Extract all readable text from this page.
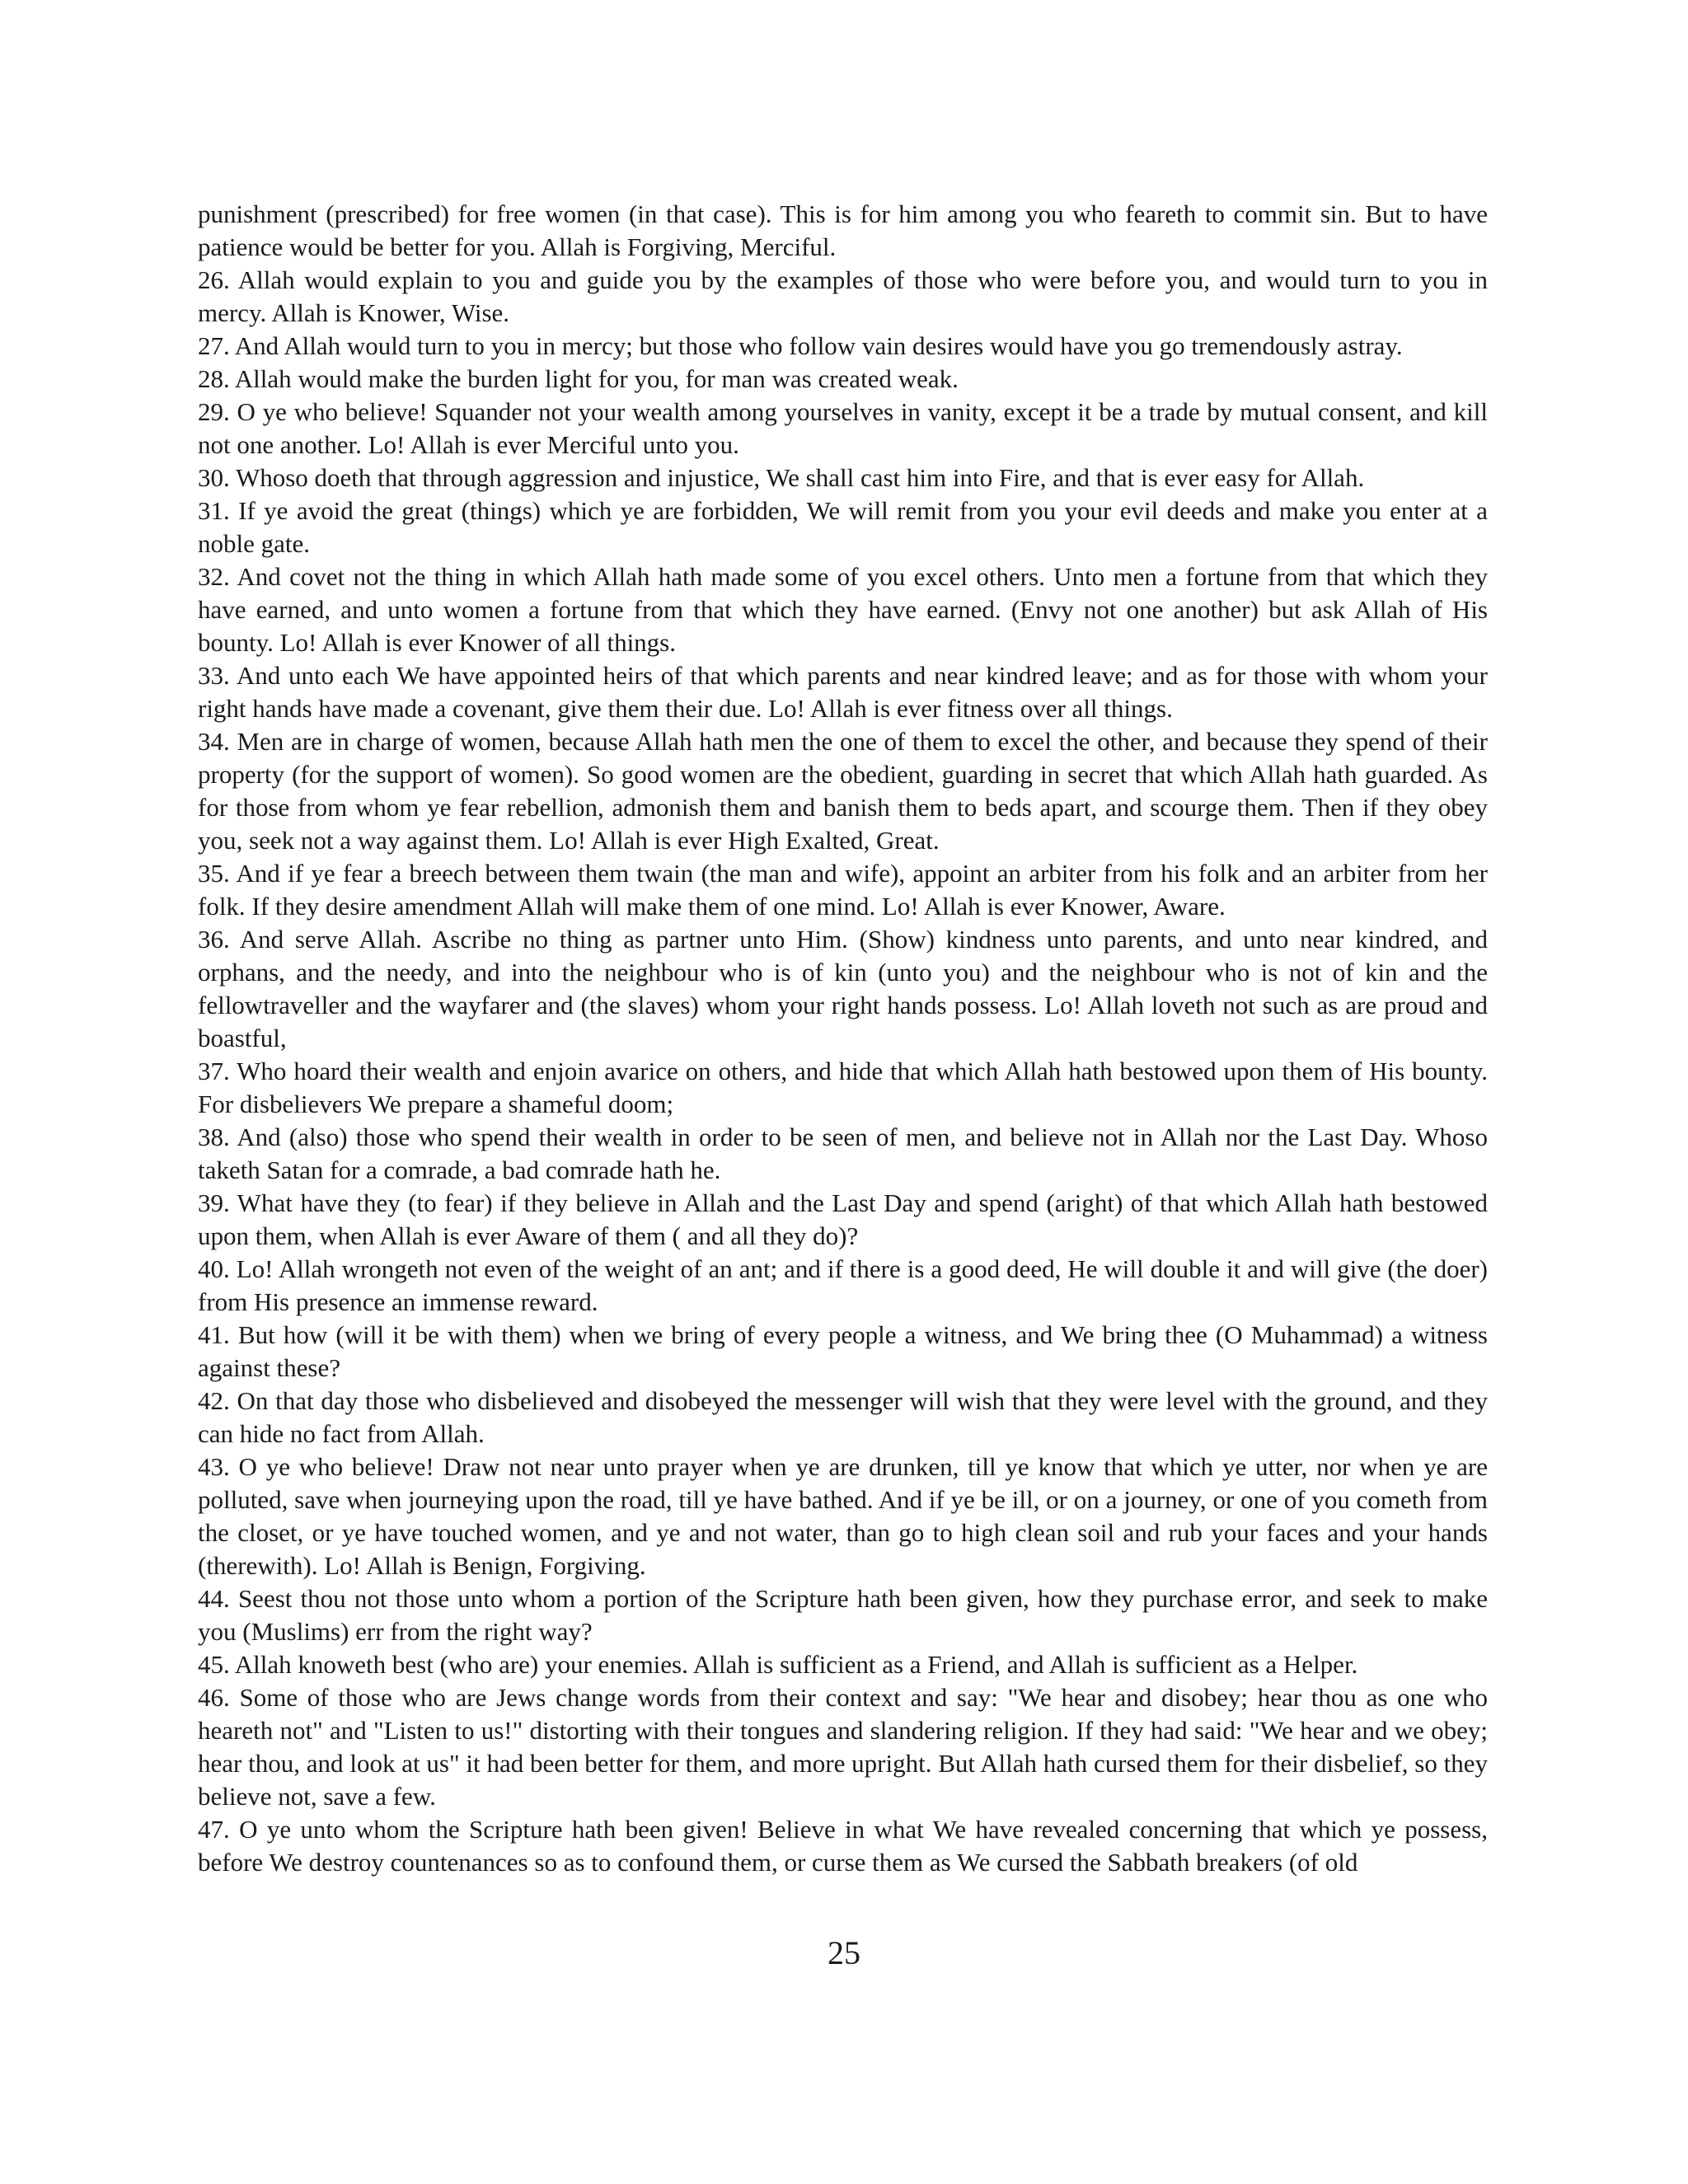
punishment (prescribed) for free women (in that case). This is for him among you who feareth to commit sin. But to have patience would be better for you. Allah is Forgiving, Merciful.

26. Allah would explain to you and guide you by the examples of those who were before you, and would turn to you in mercy. Allah is Knower, Wise.

27. And Allah would turn to you in mercy; but those who follow vain desires would have you go tremendously astray.

28. Allah would make the burden light for you, for man was created weak.

29. O ye who believe! Squander not your wealth among yourselves in vanity, except it be a trade by mutual consent, and kill not one another. Lo! Allah is ever Merciful unto you.

30. Whoso doeth that through aggression and injustice, We shall cast him into Fire, and that is ever easy for Allah.

31. If ye avoid the great (things) which ye are forbidden, We will remit from you your evil deeds and make you enter at a noble gate.

32. And covet not the thing in which Allah hath made some of you excel others. Unto men a fortune from that which they have earned, and unto women a fortune from that which they have earned. (Envy not one another) but ask Allah of His bounty. Lo! Allah is ever Knower of all things.

33. And unto each We have appointed heirs of that which parents and near kindred leave; and as for those with whom your right hands have made a covenant, give them their due. Lo! Allah is ever fitness over all things.

34. Men are in charge of women, because Allah hath men the one of them to excel the other, and because they spend of their property (for the support of women). So good women are the obedient, guarding in secret that which Allah hath guarded. As for those from whom ye fear rebellion, admonish them and banish them to beds apart, and scourge them. Then if they obey you, seek not a way against them. Lo! Allah is ever High Exalted, Great.

35. And if ye fear a breech between them twain (the man and wife), appoint an arbiter from his folk and an arbiter from her folk. If they desire amendment Allah will make them of one mind. Lo! Allah is ever Knower, Aware.

36. And serve Allah. Ascribe no thing as partner unto Him. (Show) kindness unto parents, and unto near kindred, and orphans, and the needy, and into the neighbour who is of kin (unto you) and the neighbour who is not of kin and the fellowtraveller and the wayfarer and (the slaves) whom your right hands possess. Lo! Allah loveth not such as are proud and boastful,

37. Who hoard their wealth and enjoin avarice on others, and hide that which Allah hath bestowed upon them of His bounty. For disbelievers We prepare a shameful doom;

38. And (also) those who spend their wealth in order to be seen of men, and believe not in Allah nor the Last Day. Whoso taketh Satan for a comrade, a bad comrade hath he.

39. What have they (to fear) if they believe in Allah and the Last Day and spend (aright) of that which Allah hath bestowed upon them, when Allah is ever Aware of them ( and all they do)?

40. Lo! Allah wrongeth not even of the weight of an ant; and if there is a good deed, He will double it and will give (the doer) from His presence an immense reward.

41. But how (will it be with them) when we bring of every people a witness, and We bring thee (O Muhammad) a witness against these?

42. On that day those who disbelieved and disobeyed the messenger will wish that they were level with the ground, and they can hide no fact from Allah.

43. O ye who believe! Draw not near unto prayer when ye are drunken, till ye know that which ye utter, nor when ye are polluted, save when journeying upon the road, till ye have bathed. And if ye be ill, or on a journey, or one of you cometh from the closet, or ye have touched women, and ye and not water, than go to high clean soil and rub your faces and your hands (therewith). Lo! Allah is Benign, Forgiving.

44. Seest thou not those unto whom a portion of the Scripture hath been given, how they purchase error, and seek to make you (Muslims) err from the right way?

45. Allah knoweth best (who are) your enemies. Allah is sufficient as a Friend, and Allah is sufficient as a Helper.

46. Some of those who are Jews change words from their context and say: "We hear and disobey; hear thou as one who heareth not" and "Listen to us!" distorting with their tongues and slandering religion. If they had said: "We hear and we obey; hear thou, and look at us" it had been better for them, and more upright. But Allah hath cursed them for their disbelief, so they believe not, save a few.

47. O ye unto whom the Scripture hath been given! Believe in what We have revealed concerning that which ye possess, before We destroy countenances so as to confound them, or curse them as We cursed the Sabbath breakers (of old

25
